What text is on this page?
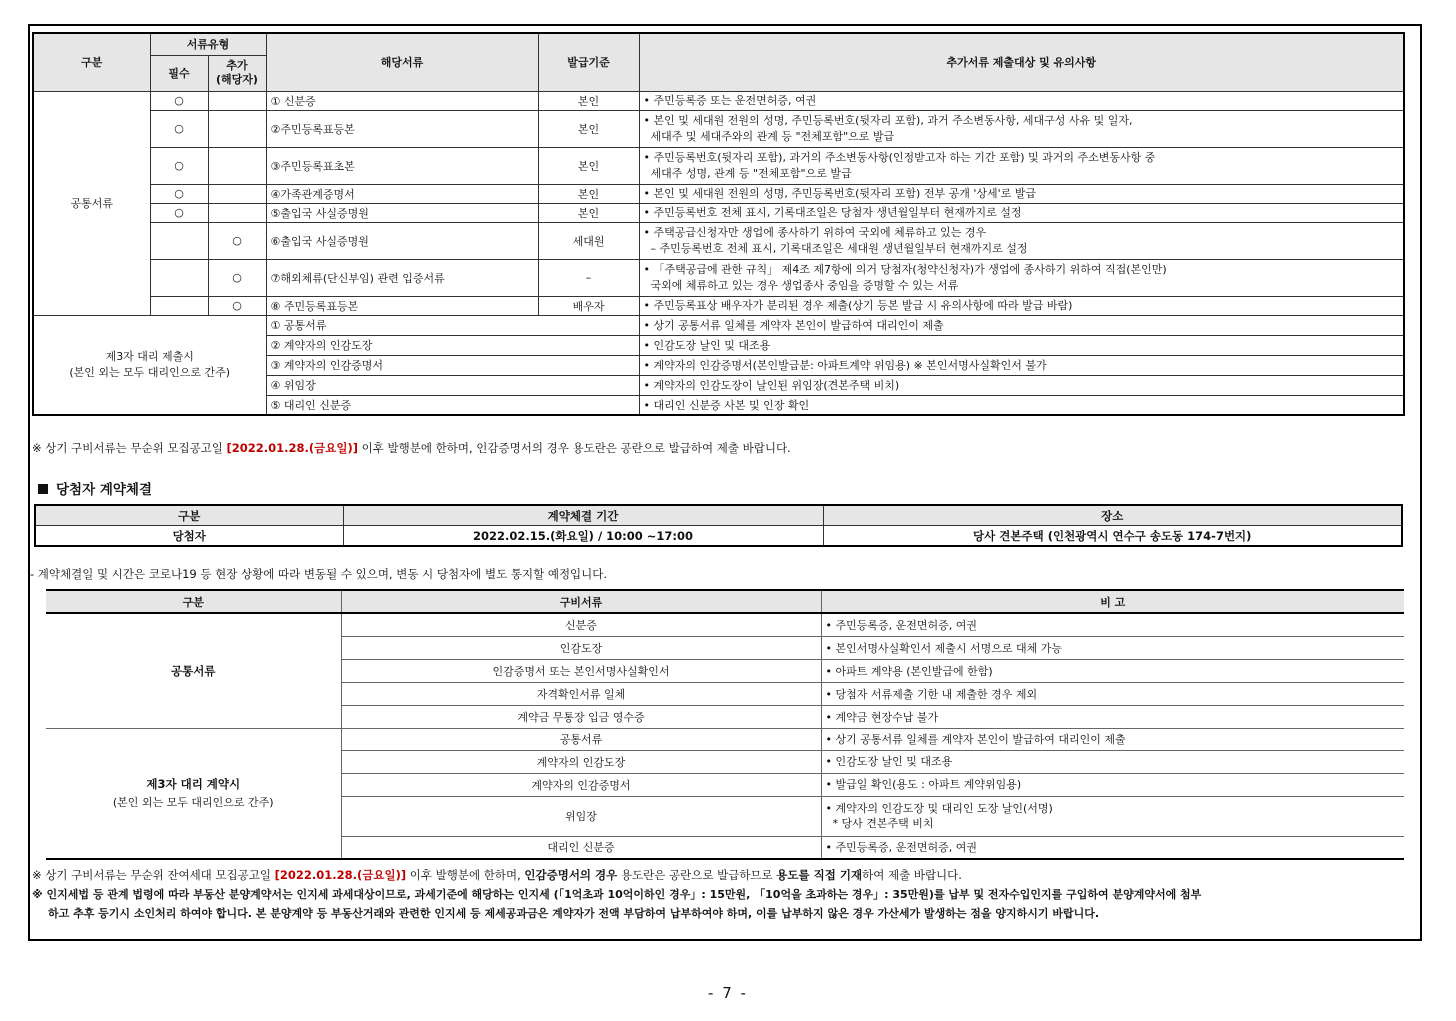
구분	서류유형		해당서류	발급기준	추가서류 제출대상 및 유의사항
	필수	추가
(해당자)			
공통서류	○		① 신분증	본인	• 주민등록증 또는 운전면허증, 여권
	○		②주민등록표등본	본인	• 본인 및 세대원 전원의 성명, 주민등록번호(뒷자리 포함), 과거 주소변동사항, 세대구성 사유 및 일자,
세대주 및 세대주와의 관계 등 "전체포함"으로 발급
	○		③주민등록표초본	본인	• 주민등록번호(뒷자리 포함), 과거의 주소변동사항(인정받고자 하는 기간 포함) 및 과거의 주소변동사항 중
세대주 성명, 관계 등 "전체포함"으로 발급
	○		④가족관계증명서	본인	• 본인 및 세대원 전원의 성명, 주민등록번호(뒷자리 포함) 전부 공개 '상세'로 발급
	○		⑤출입국 사실증명원	본인	• 주민등록번호 전체 표시, 기록대조일은 당첨자 생년월일부터 현재까지로 설정
		○	⑥출입국 사실증명원	세대원	• 주택공급신청자만 생업에 종사하기 위하여 국외에 체류하고 있는 경우
– 주민등록번호 전체 표시, 기록대조일은 세대원 생년월일부터 현재까지로 설정
		○	⑦해외체류(단신부임) 관련 입증서류	–	• 「주택공급에 관한 규칙」 제4조 제7항에 의거 당첨자(청약신청자)가 생업에 종사하기 위하여 직접(본인만)
국외에 체류하고 있는 경우 생업종사 중임을 증명할 수 있는 서류
		○	⑧ 주민등록표등본	배우자	• 주민등록표상 배우자가 분리된 경우 제출(상기 등본 발급 시 유의사항에 따라 발급 바람)

제3자 대리 제출시
(본인 외는 모두 대리인으로 간주)			① 공통서류		• 상기 공통서류 일체를 계약자 본인이 발급하여 대리인이 제출
			② 계약자의 인감도장		• 인감도장 날인 및 대조용
			③ 계약자의 인감증명서		• 계약자의 인감증명서(본인발급분: 아파트계약 위임용) ※ 본인서명사실확인서 불가
			④ 위임장		• 계약자의 인감도장이 날인된 위임장(견본주택 비치)
			⑤ 대리인 신분증		• 대리인 신분증 사본 및 인장 확인
※ 상기 구비서류는 무순위 모집공고일 [2022.01.28.(금요일)] 이후 발행분에 한하며, 인감증명서의 경우 용도란은 공란으로 발급하여 제출 바랍니다.
당첨자 계약체결
구분	계약체결 기간	장소
당첨자	2022.02.15.(화요일) / 10:00 ~17:00	당사 견본주택 (인천광역시 연수구 송도동 174-7번지)
- 계약체결일 및 시간은 코로나19 등 현장 상황에 따라 변동될 수 있으며, 변동 시 당첨자에 별도 통지할 예정입니다.
구분	구비서류	비 고
공통서류	신분증	• 주민등록증, 운전면허증, 여권
	인감도장	• 본인서명사실확인서 제출시 서명으로 대체 가능
	인감증명서 또는 본인서명사실확인서	• 아파트 계약용 (본인발급에 한함)
	자격확인서류 일체	• 당첨자 서류제출 기한 내 제출한 경우 제외
	계약금 무통장 입금 영수증	• 계약금 현장수납 불가
제3자 대리 계약시
(본인 외는 모두 대리인으로 간주)	공통서류	• 상기 공통서류 일체를 계약자 본인이 발급하여 대리인이 제출
	계약자의 인감도장	• 인감도장 날인 및 대조용
	계약자의 인감증명서	• 발급일 확인(용도 : 아파트 계약위임용)
	위임장	• 계약자의 인감도장 및 대리인 도장 날인(서명)
* 당사 견본주택 비치
	대리인 신분증	• 주민등록증, 운전면허증, 여권
※ 상기 구비서류는 무순위 잔여세대 모집공고일 [2022.01.28.(금요일)] 이후 발행분에 한하며, 인감증명서의 경우 용도란은 공란으로 발급하므로 용도를 직접 기재하여 제출 바랍니다.
※ 인지세법 등 관계 법령에 따라 부동산 분양계약서는 인지세 과세대상이므로, 과세기준에 해당하는 인지세 (「1억초과 10억이하인 경우」: 15만원, 「10억을 초과하는 경우」: 35만원)를 납부 및 전자수입인지를 구입하여 분양계약서에 첨부
하고 추후 등기시 소인처리 하여야 합니다. 본 분양계약 등 부동산거래와 관련한 인지세 등 제세공과금은 계약자가 전액 부담하여 납부하여야 하며, 이를 납부하지 않은 경우 가산세가 발생하는 점을 양지하시기 바랍니다.
- 7 -
